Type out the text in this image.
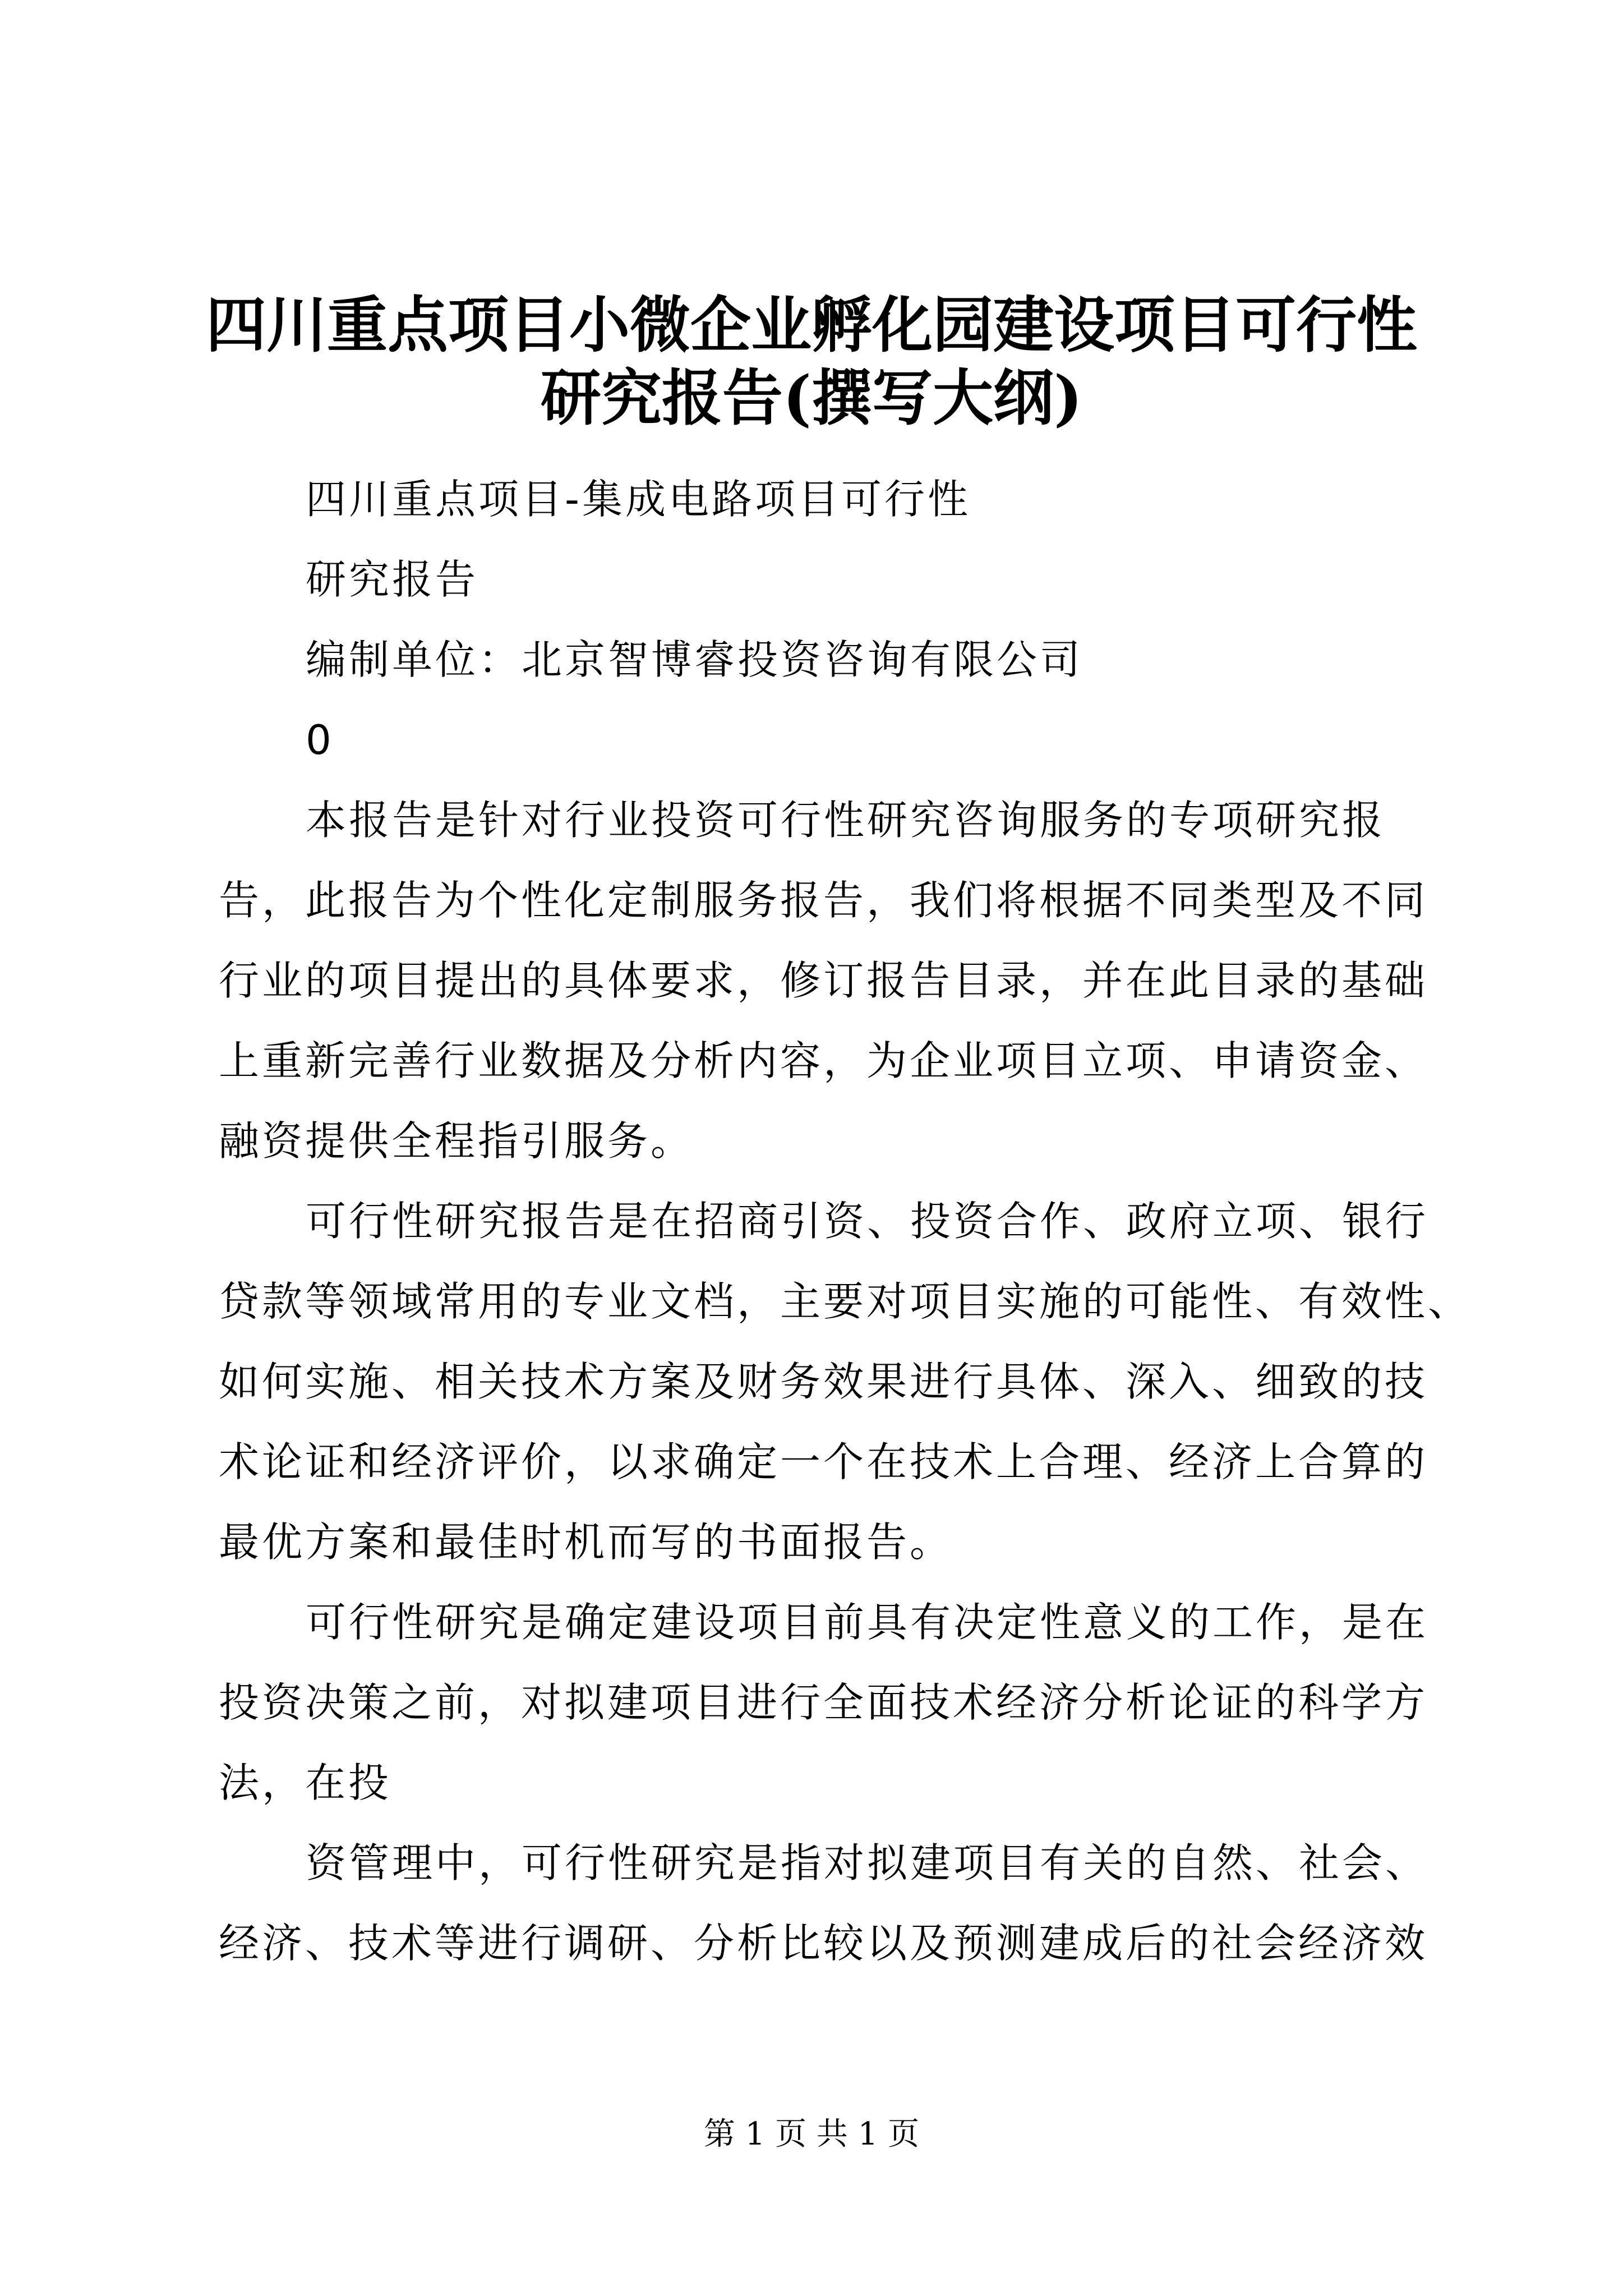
四川重点项目小微企业孵化园建设项目可行性
研究报告(撰写大纲)

四川重点项目-集成电路项目可行性

研究报告

编制单位：北京智博睿投资咨询有限公司

0

本报告是针对行业投资可行性研究咨询服务的专项研究报

告，此报告为个性化定制服务报告，我们将根据不同类型及不同

行业的项目提出的具体要求，修订报告目录，并在此目录的基础

上重新完善行业数据及分析内容，为企业项目立项、申请资金、

融资提供全程指引服务。

可行性研究报告是在招商引资、投资合作、政府立项、银行

贷款等领域常用的专业文档，主要对项目实施的可能性、有效性、

如何实施、相关技术方案及财务效果进行具体、深入、细致的技

术论证和经济评价，以求确定一个在技术上合理、经济上合算的

最优方案和最佳时机而写的书面报告。

可行性研究是确定建设项目前具有决定性意义的工作，是在

投资决策之前，对拟建项目进行全面技术经济分析论证的科学方

法，在投

资管理中，可行性研究是指对拟建项目有关的自然、社会、

经济、技术等进行调研、分析比较以及预测建成后的社会经济效

第 1 页 共 1 页
